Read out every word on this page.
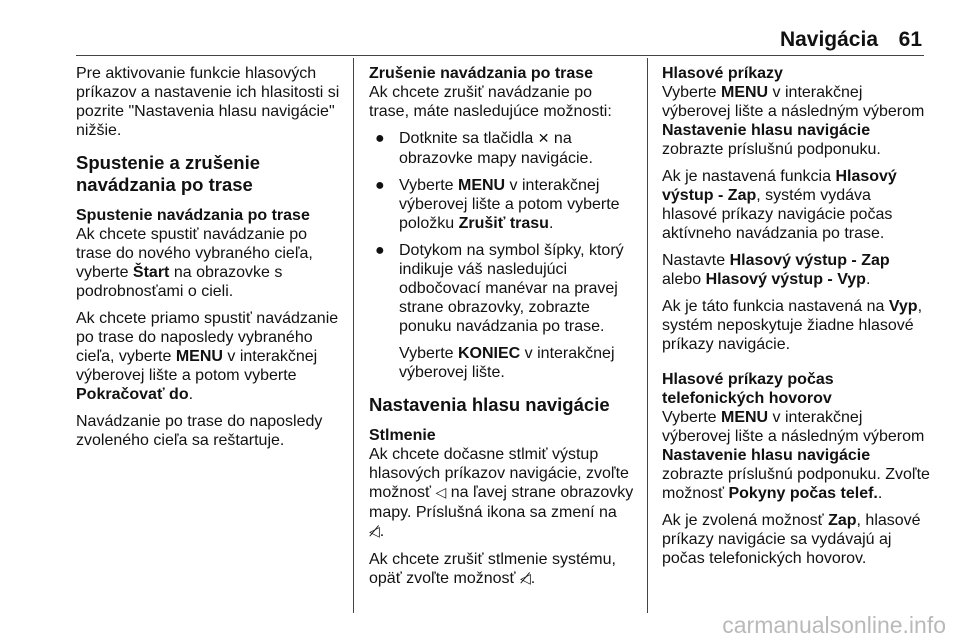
Navigácia 61

Pre aktivovanie funkcie hlasových príkazov a nastavenie ich hlasitosti si pozrite "Nastavenia hlasu navigácie" nižšie.

Spustenie a zrušenie navádzania po trase
Spustenie navádzania po trase

Ak chcete spustiť navádzanie po trase do nového vybraného cieľa, vyberte Štart na obrazovke s podrobnosťami o cieli.

Ak chcete priamo spustiť navádzanie po trase do naposledy vybraného cieľa, vyberte MENU v interakčnej výberovej lište a potom vyberte Pokračovať do.

Navádzanie po trase do naposledy zvoleného cieľa sa reštartuje.

Zrušenie navádzania po trase

Ak chcete zrušiť navádzanie po trase, máte nasledujúce možnosti:

● Dotknite sa tlačidla ✕ na obrazovke mapy navigácie.
● Vyberte MENU v interakčnej výberovej lište a potom vyberte položku Zrušiť trasu.
● Dotykom na symbol šípky, ktorý indikuje váš nasledujúci odbočovací manévar na pravej strane obrazovky, zobrazte ponuku navádzania po trase.

Vyberte KONIEC v interakčnej výberovej lište.

Nastavenia hlasu navigácie
Stlmenie

Ak chcete dočasne stlmiť výstup hlasových príkazov navigácie, zvoľte možnosť ◁ na ľavej strane obrazovky mapy. Príslušná ikona sa zmení na ◁̸.

Ak chcete zrušiť stlmenie systému, opäť zvoľte možnosť ◁̸.

Hlasové príkazy

Vyberte MENU v interakčnej výberovej lište a následným výberom Nastavenie hlasu navigácie zobrazte príslušnú podponuku.

Ak je nastavená funkcia Hlasový výstup - Zap, systém vydáva hlasové príkazy navigácie počas aktívneho navádzania po trase.

Nastavte Hlasový výstup - Zap alebo Hlasový výstup - Vyp.

Ak je táto funkcia nastavená na Vyp, systém neposkytuje žiadne hlasové príkazy navigácie.

Hlasové príkazy počas telefonických hovorov

Vyberte MENU v interakčnej výberovej lište a následným výberom Nastavenie hlasu navigácie zobrazte príslušnú podponuku. Zvoľte možnosť Pokyny počas telef..

Ak je zvolená možnosť Zap, hlasové príkazy navigácie sa vydávajú aj počas telefonických hovorov.

carmanualsonline.info
